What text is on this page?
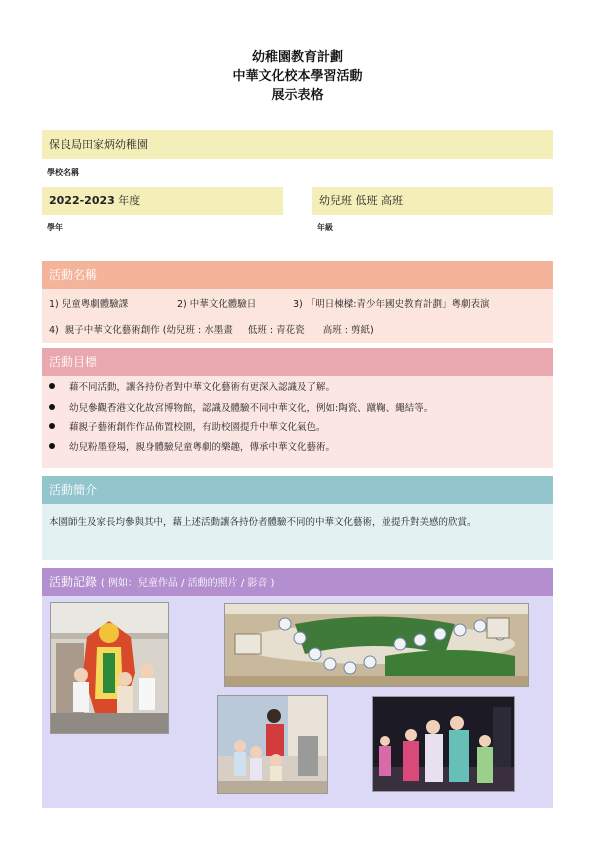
幼稚園教育計劃
中華文化校本學習活動
展示表格
保良局田家炳幼稚園
學校名稱
2022-2023 年度
學年
幼兒班 低班 高班
年級
活動名稱
1) 兒童粵劇體驗課	2) 中華文化體驗日	3) 「明日棟樑:青少年國史教育計劃」粵劇表演
4)  親子中華文化藝術創作 (幼兒班 : 水墨畫     低班 : 青花瓷      高班 : 剪紙)
活動目標
藉不同活動，讓各持份者對中華文化藝術有更深入認識及了解。
幼兒參觀香港文化故宮博物館，認識及體驗不同中華文化，例如:陶瓷、蹴鞠、繩結等。
藉親子藝術創作作品佈置校園，有助校園提升中華文化氣色。
幼兒粉墨登場，親身體驗兒童粵劇的樂趣，傳承中華文化藝術。
活動簡介
本園師生及家長均參與其中，藉上述活動讓各持份者體驗不同的中華文化藝術，並提升對美感的欣賞。
活動記錄 ( 例如：兒童作品 / 活動的照片 / 影音 )
